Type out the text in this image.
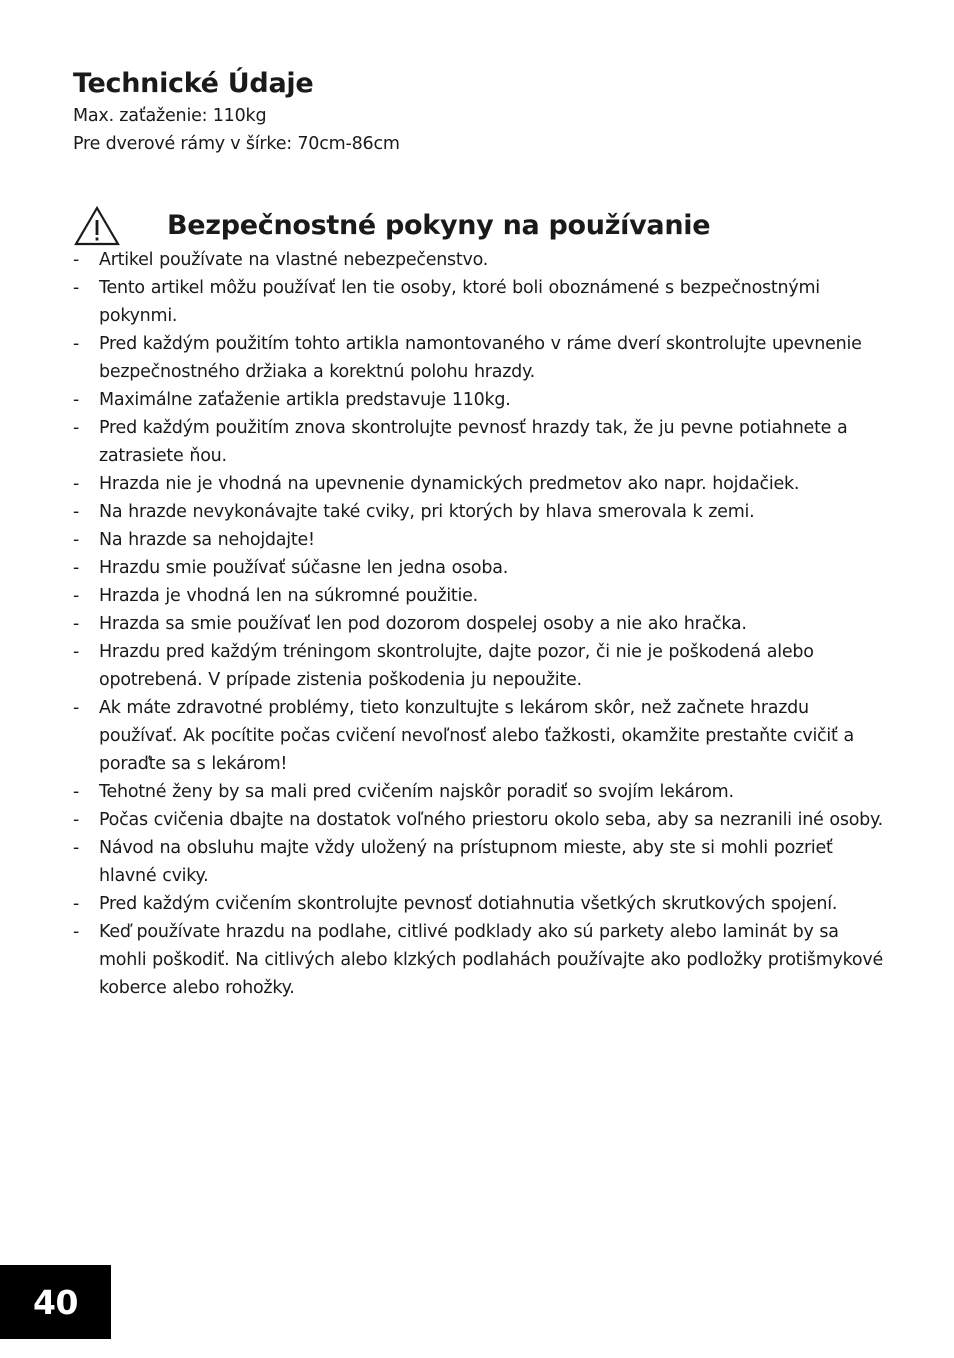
Technické Údaje

Max. zaťaženie: 110kg

Pre dverové rámy v šírke: 70cm-86cm

Bezpečnostné pokyny na používanie
- Artikel používate na vlastné nebezpečenstvo.
- Tento artikel môžu používať len tie osoby, ktoré boli oboznámené s bezpečnostnými pokynmi.
- Pred každým použitím tohto artikla namontovaného v ráme dverí skontrolujte upevnenie bezpečnostného držiaka a korektnú polohu hrazdy.
- Maximálne zaťaženie artikla predstavuje 110kg.
- Pred každým použitím znova skontrolujte pevnosť hrazdy tak, že ju pevne potiahnete a zatrasiete ňou.
- Hrazda nie je vhodná na upevnenie dynamických predmetov ako napr. hojdačiek.
- Na hrazde nevykonávajte také cviky, pri ktorých by hlava smerovala k zemi.
- Na hrazde sa nehojdajte!
- Hrazdu smie používať súčasne len jedna osoba.
- Hrazda je vhodná len na súkromné použitie.
- Hrazda sa smie používať len pod dozorom dospelej osoby a nie ako hračka.
- Hrazdu pred každým tréningom skontrolujte, dajte pozor, či nie je poškodená alebo opotrebená. V prípade zistenia poškodenia ju nepoužite.
- Ak máte zdravotné problémy, tieto konzultujte s lekárom skôr, než začnete hrazdu používať. Ak pocítite počas cvičení nevoľnosť alebo ťažkosti, okamžite prestaňte cvičiť a poraďte sa s lekárom!
- Tehotné ženy by sa mali pred cvičením najskôr poradiť so svojím lekárom.
- Počas cvičenia dbajte na dostatok voľného priestoru okolo seba, aby sa nezranili iné osoby.
- Návod na obsluhu majte vždy uložený na prístupnom mieste, aby ste si mohli pozrieť hlavné cviky.
- Pred každým cvičením skontrolujte pevnosť dotiahnutia všetkých skrutkových spojení.
- Keď používate hrazdu na podlahe, citlivé podklady ako sú parkety alebo laminát by sa mohli poškodiť. Na citlivých alebo klzkých podlahách používajte ako podložky protišmykové koberce alebo rohožky.
40
